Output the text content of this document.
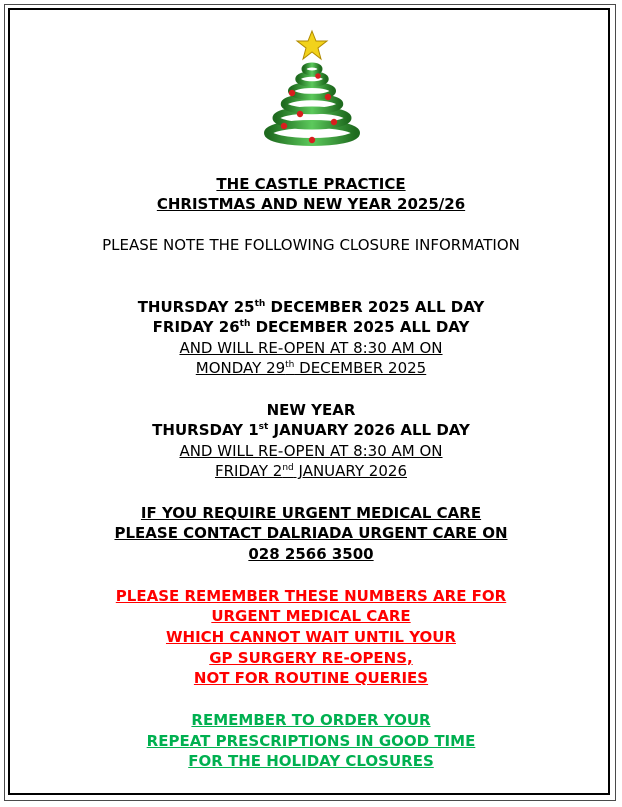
THE CASTLE PRACTICE
CHRISTMAS AND NEW YEAR 2025/26
PLEASE NOTE THE FOLLOWING CLOSURE INFORMATION
THURSDAY 25th DECEMBER 2025 ALL DAY
FRIDAY 26th DECEMBER 2025 ALL DAY
AND WILL RE-OPEN AT 8:30 AM ON
MONDAY 29th DECEMBER 2025
NEW YEAR
THURSDAY 1st JANUARY 2026 ALL DAY
AND WILL RE-OPEN AT 8:30 AM ON
FRIDAY 2nd JANUARY 2026
IF YOU REQUIRE URGENT MEDICAL CARE
PLEASE CONTACT DALRIADA URGENT CARE ON
028 2566 3500
PLEASE REMEMBER THESE NUMBERS ARE FOR
URGENT MEDICAL CARE
WHICH CANNOT WAIT UNTIL YOUR
GP SURGERY RE-OPENS,
NOT FOR ROUTINE QUERIES
REMEMBER TO ORDER YOUR
REPEAT PRESCRIPTIONS IN GOOD TIME
FOR THE HOLIDAY CLOSURES
